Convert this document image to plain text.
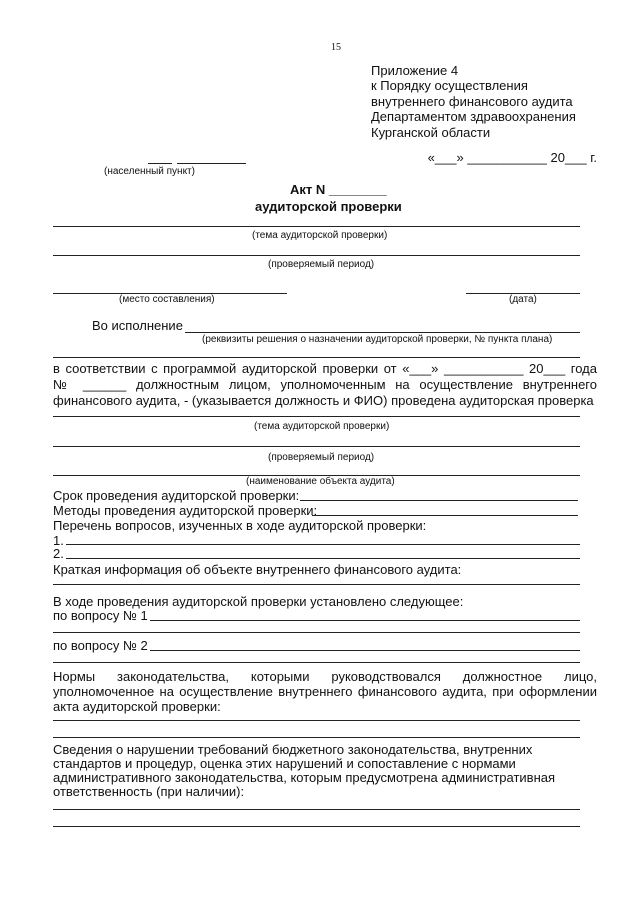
15
Приложение 4
к Порядку осуществления
внутреннего финансового аудита
Департаментом здравоохранения
Курганской области
«___» ___________ 20___ г.
(населенный пункт)
Акт N ________
аудиторской проверки
(тема аудиторской проверки)
(проверяемый период)
(место составления)	(дата)
Во исполнение
(реквизиты решения о назначении аудиторской проверки, № пункта плана)
в соответствии с программой аудиторской проверки от «___» ___________ 20___ года
№ ______ должностным лицом, уполномоченным на осуществление внутреннего
финансового аудита, - (указывается должность и ФИО) проведена аудиторская проверка
(тема аудиторской проверки)
(проверяемый период)
(наименование объекта аудита)
Срок проведения аудиторской проверки:
Методы проведения аудиторской проверки:
Перечень вопросов, изученных в ходе аудиторской проверки:
1.
2.
Краткая информация об объекте внутреннего финансового аудита:
В ходе проведения аудиторской проверки установлено следующее:
по вопросу № 1
по вопросу № 2
Нормы законодательства, которыми руководствовался должностное лицо,
уполномоченное на осуществление внутреннего финансового аудита, при оформлении
акта аудиторской проверки:
Сведения о нарушении требований бюджетного законодательства, внутренних
стандартов и процедур, оценка этих нарушений и сопоставление с нормами
административного законодательства, которым предусмотрена административная
ответственность (при наличии):
